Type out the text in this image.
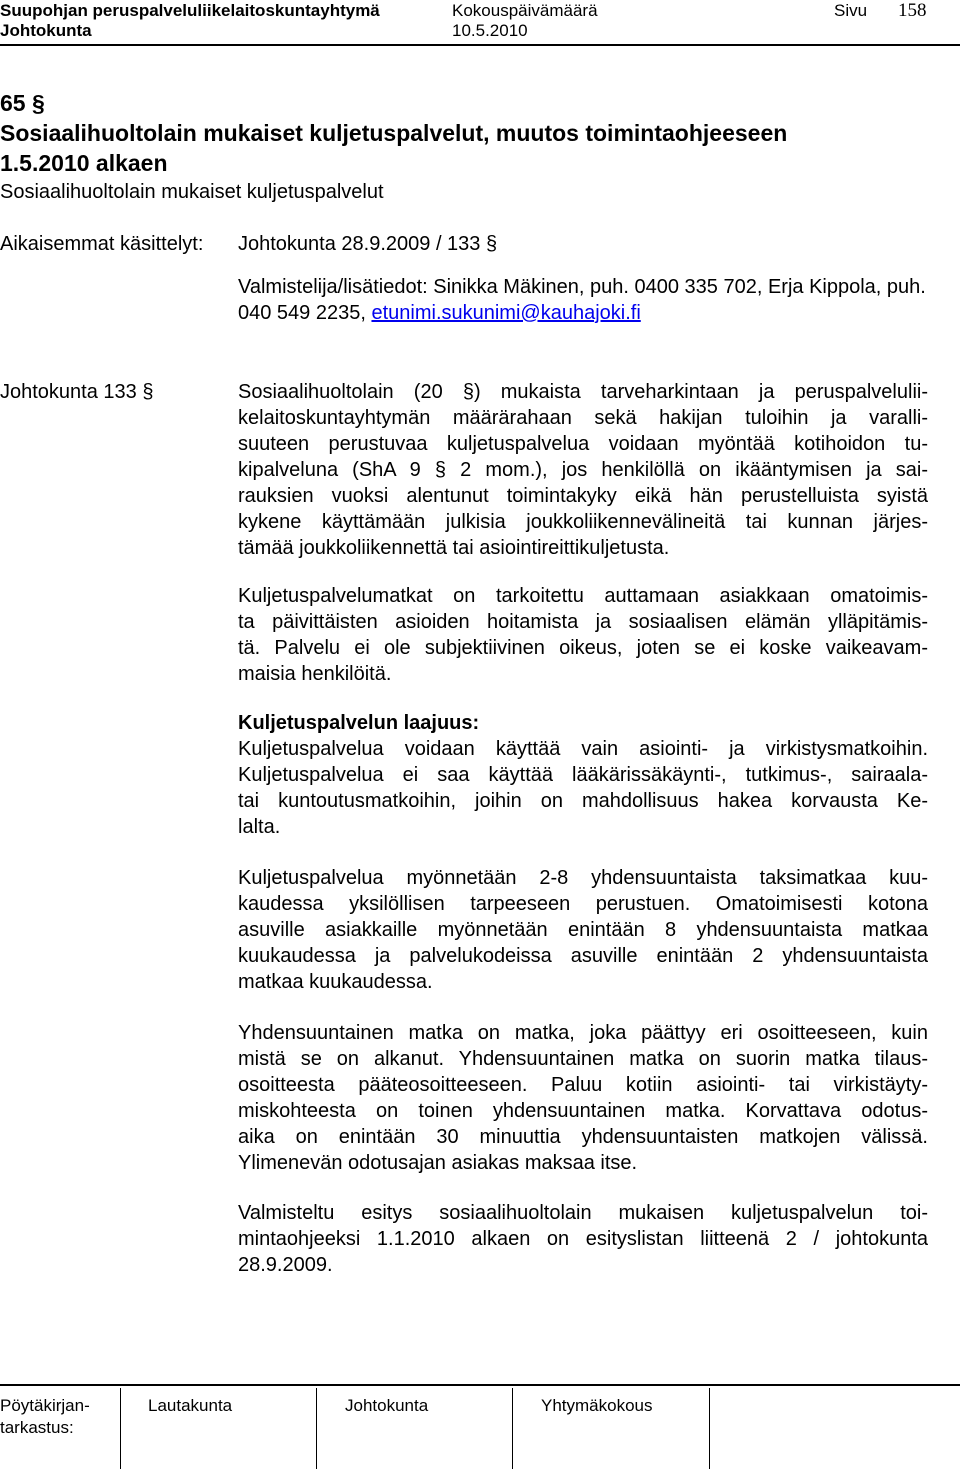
Suupohjan peruspalveluliikelaitoskuntayhtymä	Kokouspäivämäärä	Sivu 158
Johtokunta	10.5.2010
65 §
Sosiaalihuoltolain mukaiset kuljetuspalvelut, muutos toimintaohjeeseen
1.5.2010 alkaen
Sosiaalihuoltolain mukaiset kuljetuspalvelut
Aikaisemmat käsittelyt: Johtokunta 28.9.2009 / 133 §
Valmistelija/lisätiedot: Sinikka Mäkinen, puh. 0400 335 702, Erja Kippola, puh.
040 549 2235, etunimi.sukunimi@kauhajoki.fi
Johtokunta 133 §	Sosiaalihuoltolain (20 §) mukaista tarveharkintaan ja peruspalvelulii-
kelaitoskuntayhtymän määrärahaan sekä hakijan tuloihin ja varalli-
suuteen perustuvaa kuljetuspalvelua voidaan myöntää kotihoidon tu-
kipalveluna (ShA 9 § 2 mom.), jos henkilöllä on ikääntymisen ja sai-
rauksien vuoksi alentunut toimintakyky eikä hän perustelluista syistä
kykene käyttämään julkisia joukkoliikennevälineitä tai kunnan järjes-
tämää joukkoliikennettä tai asiointireittikuljetusta.
Kuljetuspalvelumatkat on tarkoitettu auttamaan asiakkaan omatoimis-
ta päivittäisten asioiden hoitamista ja sosiaalisen elämän ylläpitämis-
tä. Palvelu ei ole subjektiivinen oikeus, joten se ei koske vaikeavam-
maisia henkilöitä.
Kuljetuspalvelun laajuus:
Kuljetuspalvelua voidaan käyttää vain asiointi- ja virkistysmatkoihin.
Kuljetuspalvelua ei saa käyttää lääkärissäkäynti-, tutkimus-, sairaala-
tai kuntoutusmatkoihin, joihin on mahdollisuus hakea korvausta Ke-
lalta.
Kuljetuspalvelua myönnetään 2-8 yhdensuuntaista taksimatkaa kuu-
kaudessa yksilöllisen tarpeeseen perustuen. Omatoimisesti kotona
asuville asiakkaille myönnetään enintään 8 yhdensuuntaista matkaa
kuukaudessa ja palvelukodeissa asuville enintään 2 yhdensuuntaista
matkaa kuukaudessa.
Yhdensuuntainen matka on matka, joka päättyy eri osoitteeseen, kuin
mistä se on alkanut. Yhdensuuntainen matka on suorin matka tilaus-
osoitteesta pääteosoitteeseen. Paluu kotiin asiointi- tai virkistäyty-
miskohteesta on toinen yhdensuuntainen matka. Korvattava odotus-
aika on enintään 30 minuuttia yhdensuuntaisten matkojen välissä.
Ylimenevän odotusajan asiakas maksaa itse.
Valmisteltu esitys sosiaalihuoltolain mukaisen kuljetuspalvelun toi-
mintaohjeeksi 1.1.2010 alkaen on esityslistan liitteenä 2 / johtokunta
28.9.2009.
Pöytäkirjan-
tarkastus:
Lautakunta	Johtokunta	Yhtymäkokous
